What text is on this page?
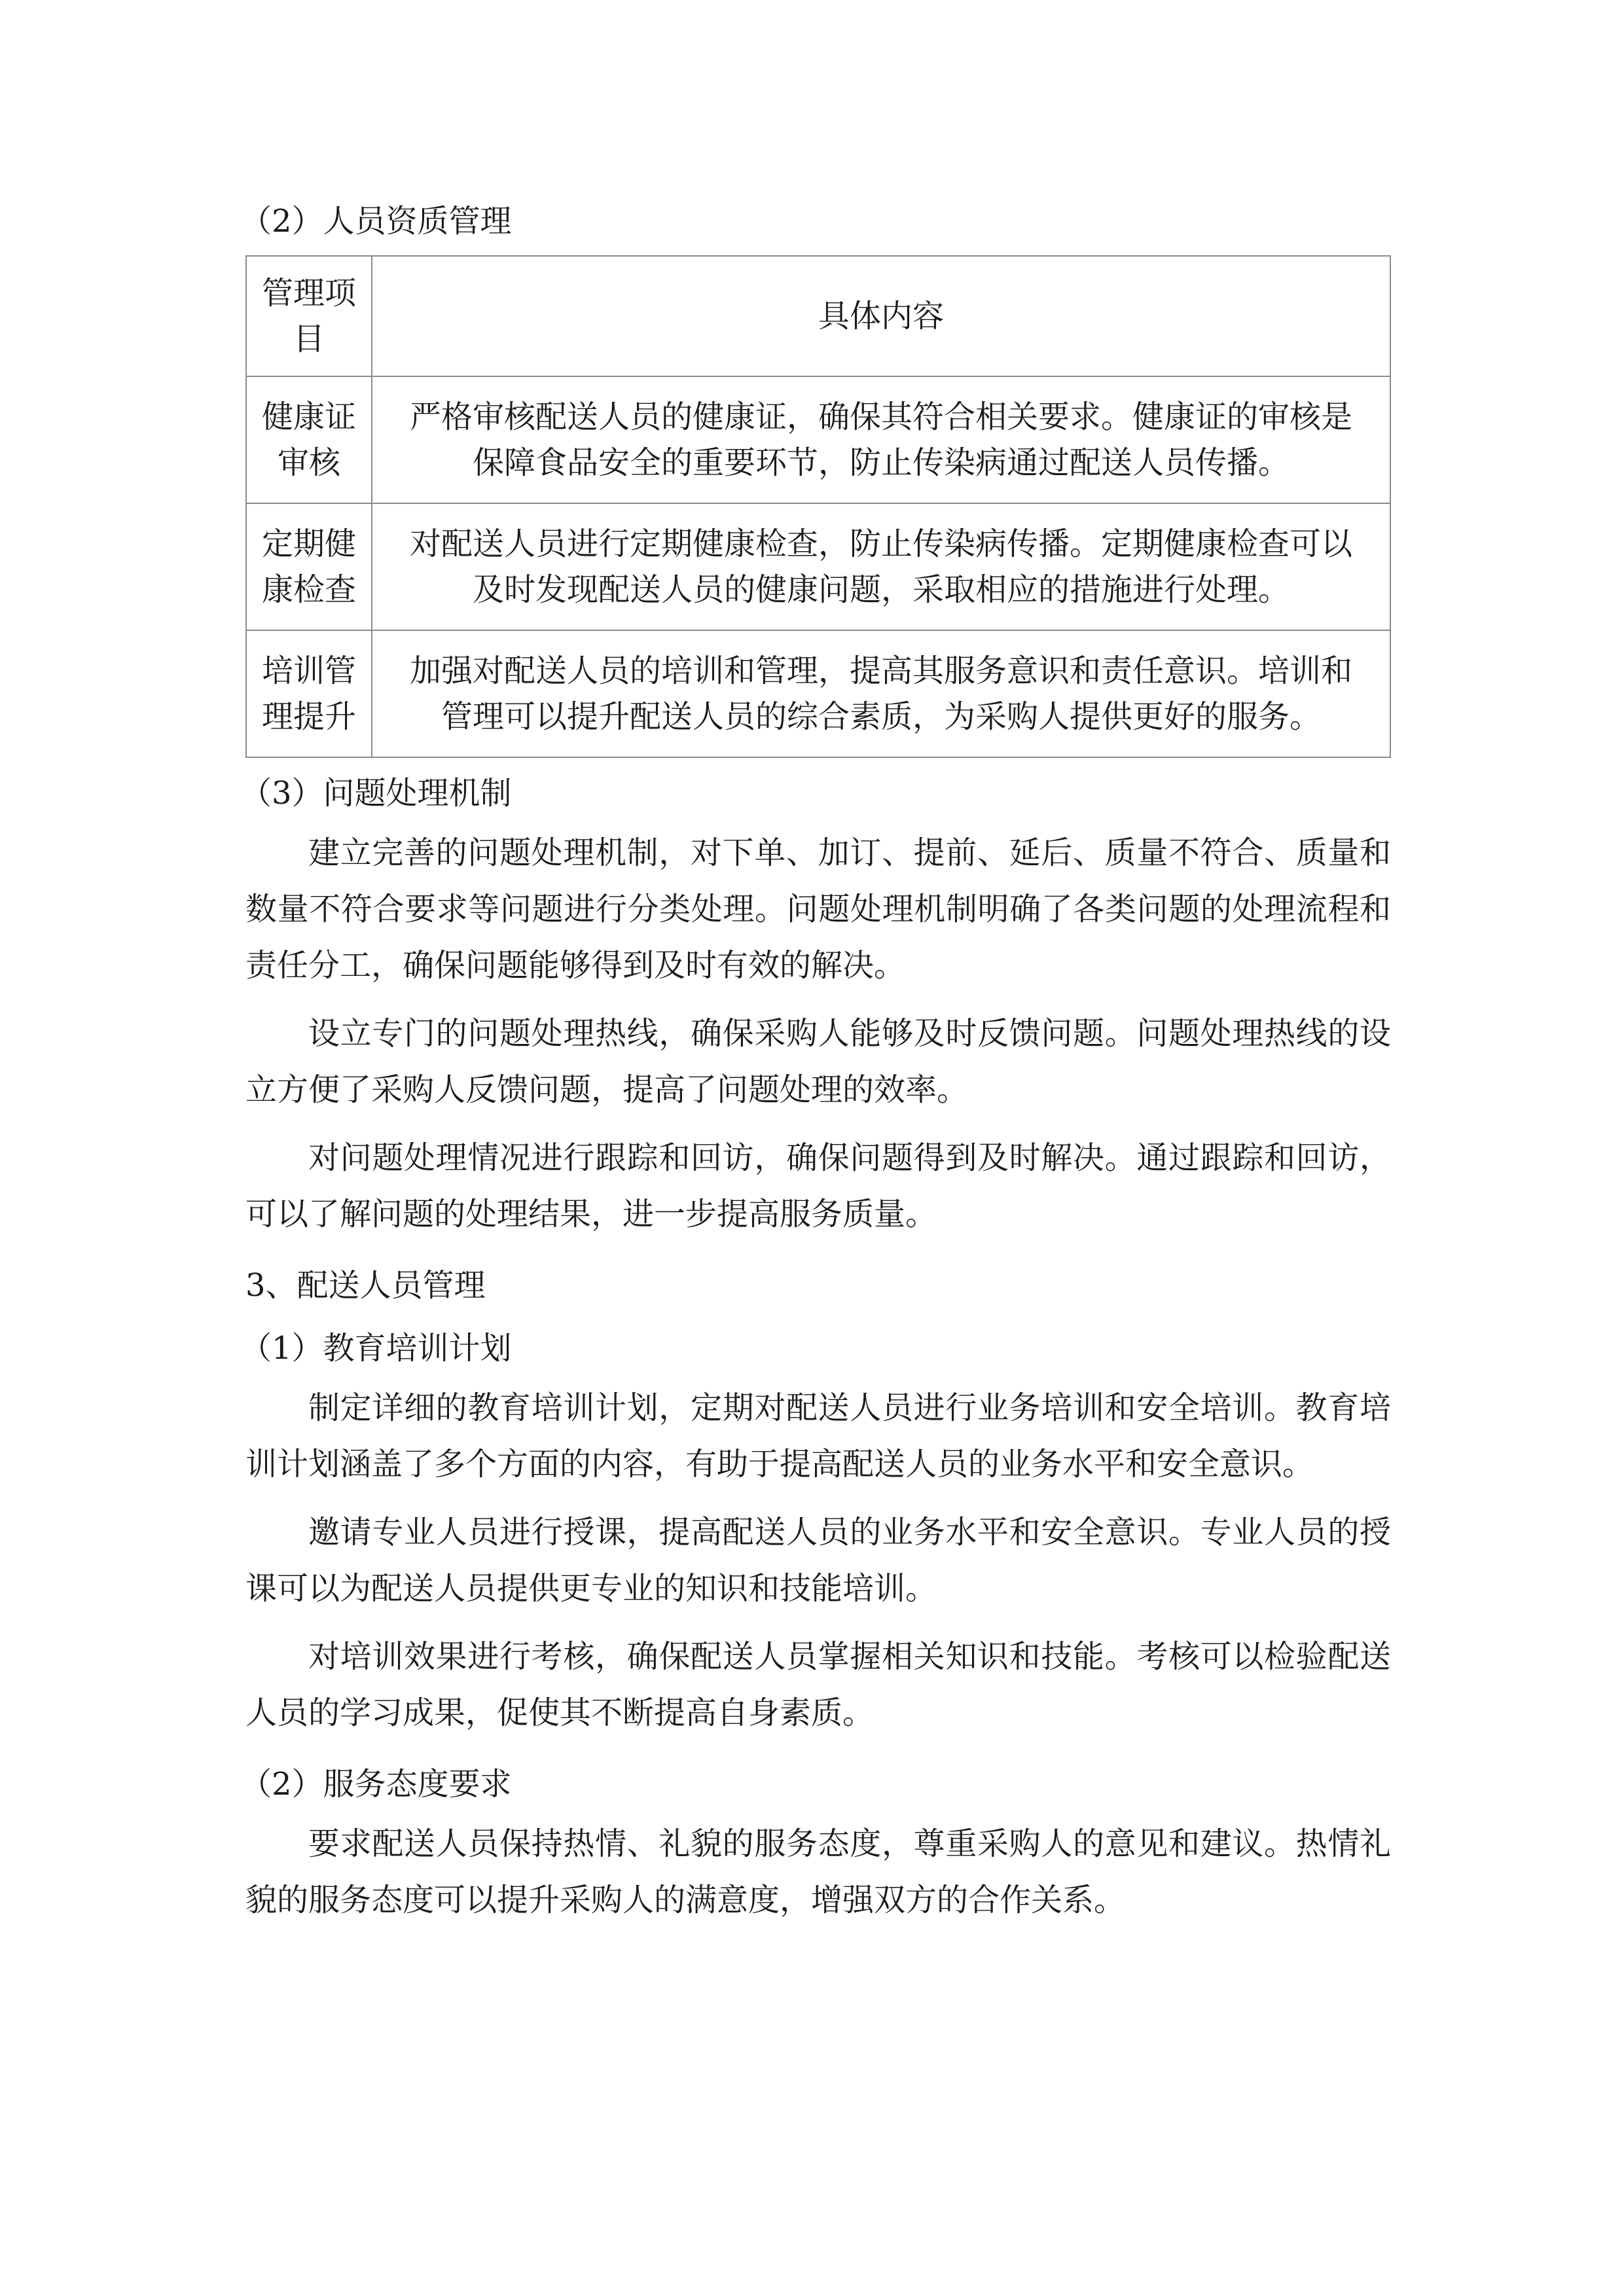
（2）人员资质管理

管理项
目	具体内容

健康证
审核	严格审核配送人员的健康证，确保其符合相关要求。健康证的审核是
保障食品安全的重要环节，防止传染病通过配送人员传播。

定期健
康检查	对配送人员进行定期健康检查，防止传染病传播。定期健康检查可以
及时发现配送人员的健康问题，采取相应的措施进行处理。

培训管
理提升	加强对配送人员的培训和管理，提高其服务意识和责任意识。培训和
管理可以提升配送人员的综合素质，为采购人提供更好的服务。

（3）问题处理机制

建立完善的问题处理机制，对下单、加订、提前、延后、质量不符合、质量和数量不符合要求等问题进行分类处理。问题处理机制明确了各类问题的处理流程和责任分工，确保问题能够得到及时有效的解决。

设立专门的问题处理热线，确保采购人能够及时反馈问题。问题处理热线的设立方便了采购人反馈问题，提高了问题处理的效率。

对问题处理情况进行跟踪和回访，确保问题得到及时解决。通过跟踪和回访，可以了解问题的处理结果，进一步提高服务质量。

3、配送人员管理

（1）教育培训计划

制定详细的教育培训计划，定期对配送人员进行业务培训和安全培训。教育培训计划涵盖了多个方面的内容，有助于提高配送人员的业务水平和安全意识。

邀请专业人员进行授课，提高配送人员的业务水平和安全意识。专业人员的授课可以为配送人员提供更专业的知识和技能培训。

对培训效果进行考核，确保配送人员掌握相关知识和技能。考核可以检验配送人员的学习成果，促使其不断提高自身素质。

（2）服务态度要求

要求配送人员保持热情、礼貌的服务态度，尊重采购人的意见和建议。热情礼貌的服务态度可以提升采购人的满意度，增强双方的合作关系。
